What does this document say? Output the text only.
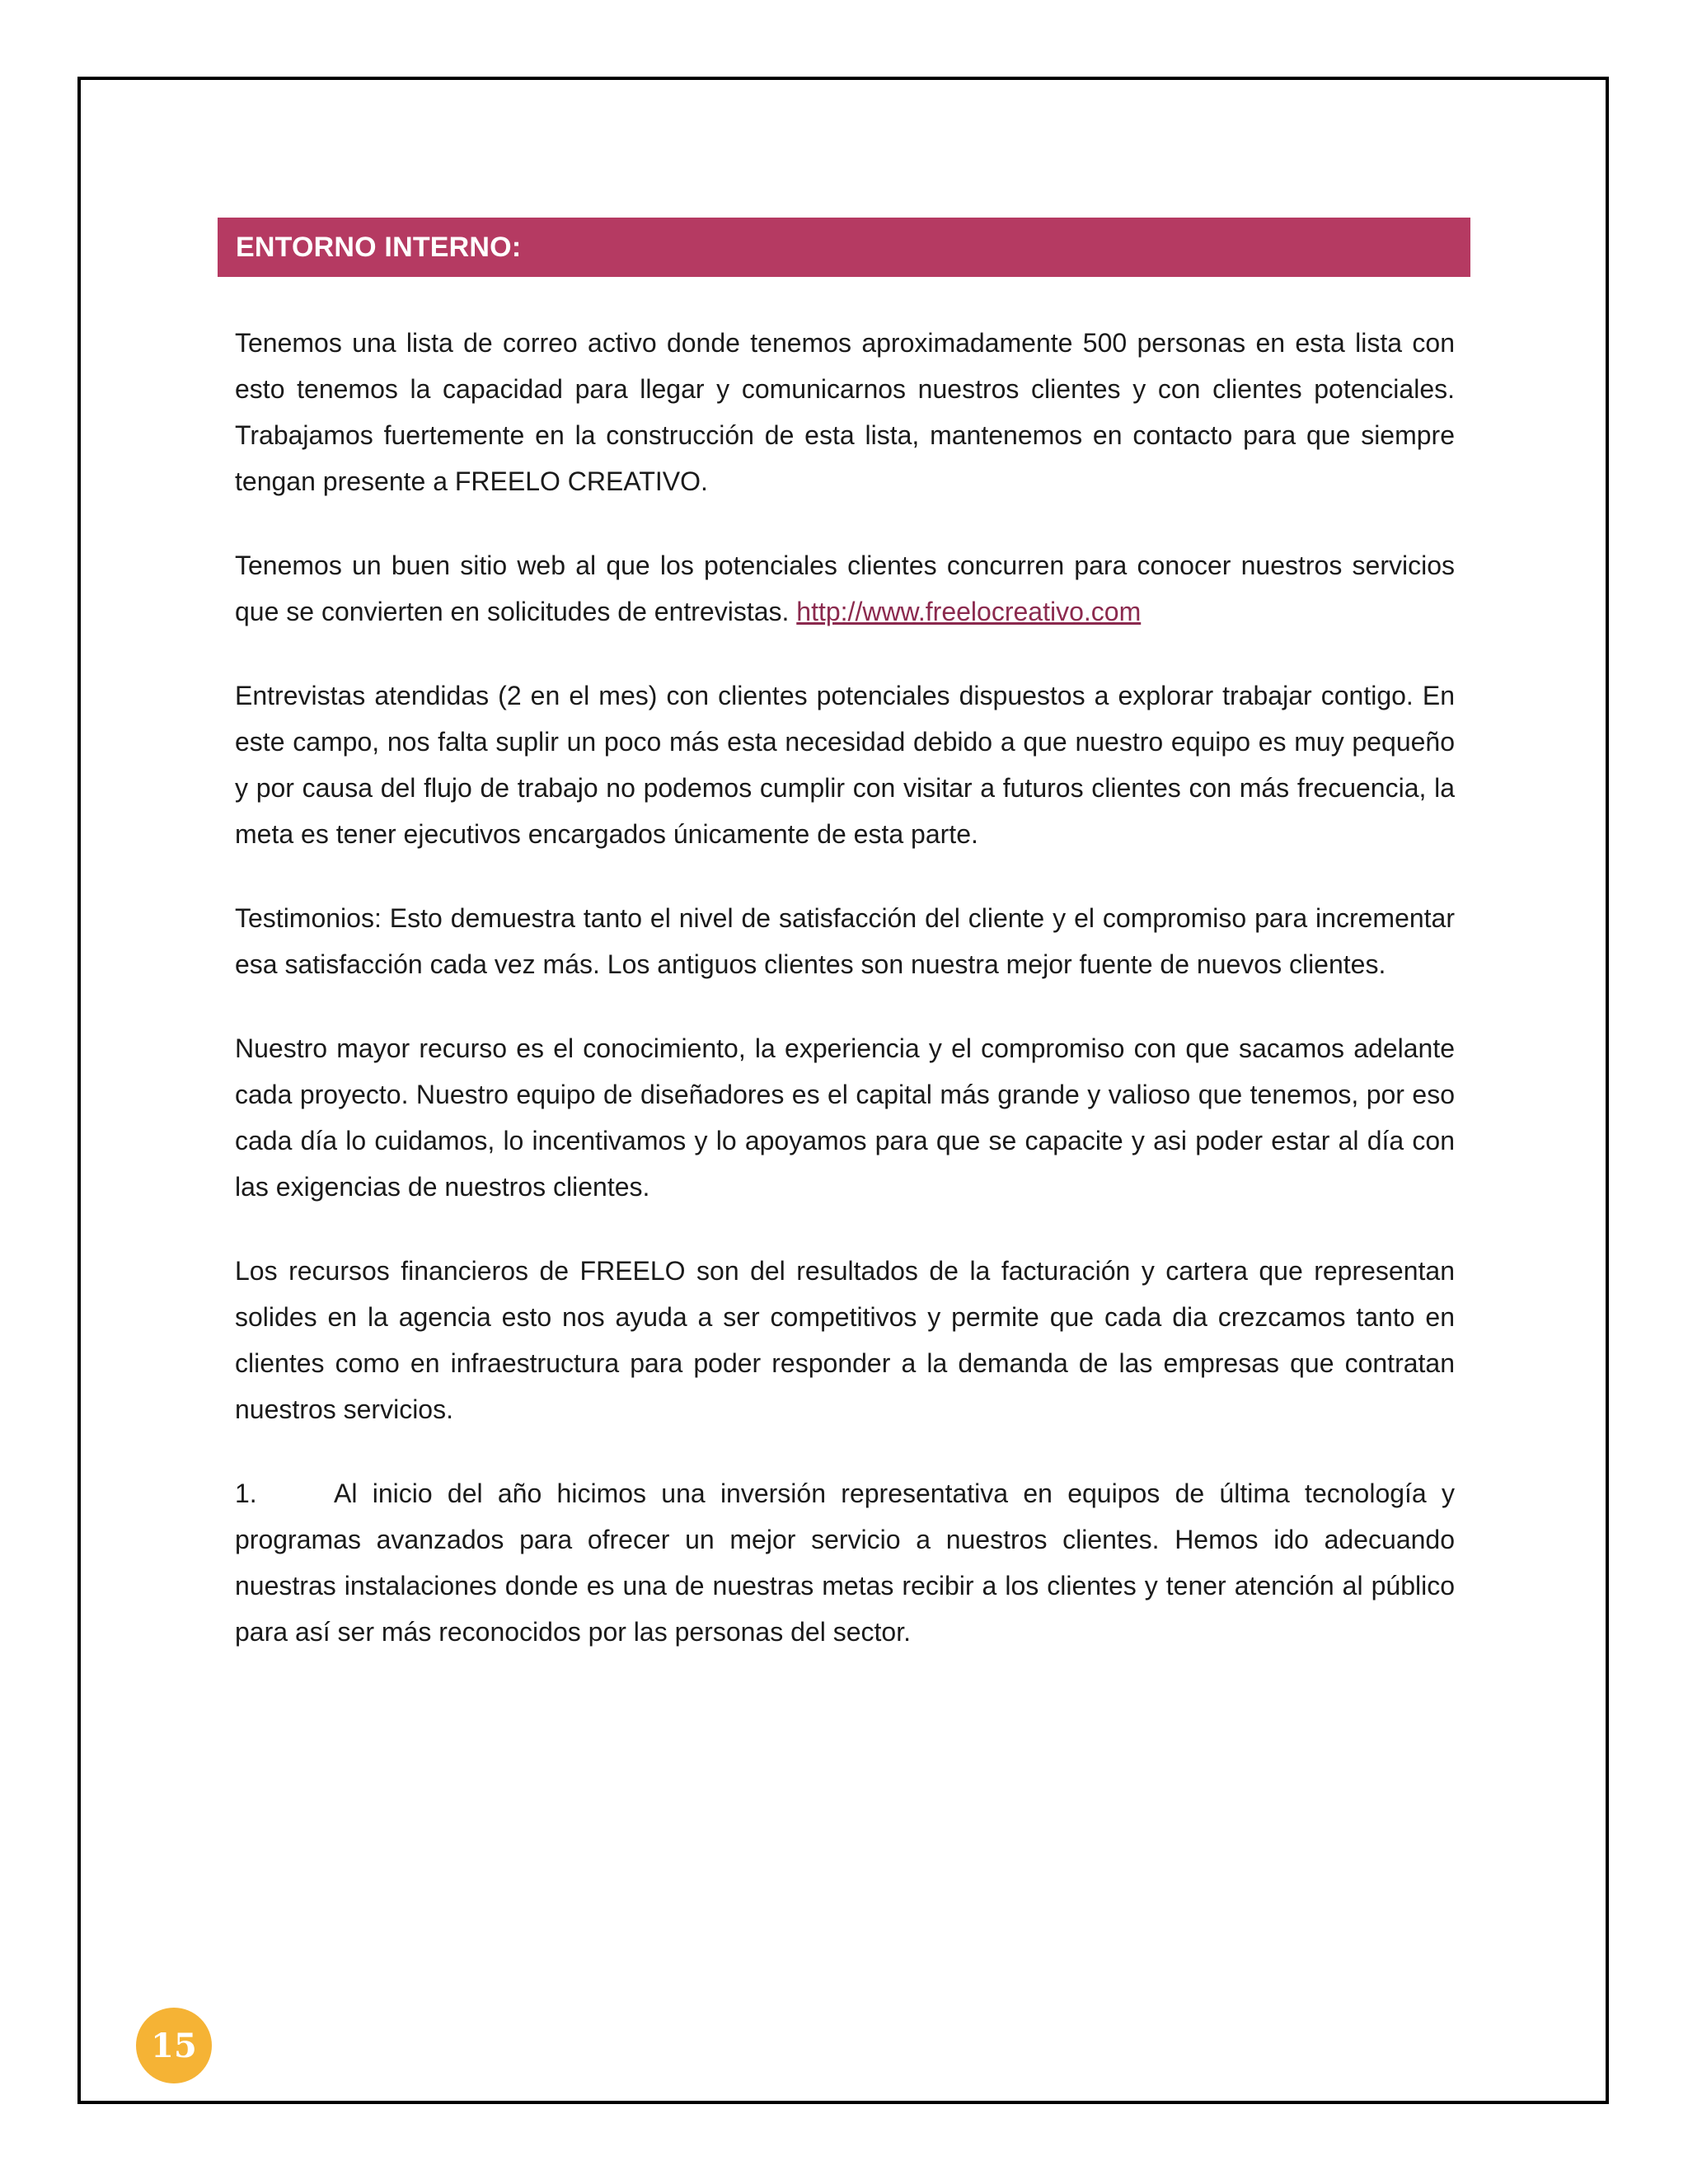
ENTORNO INTERNO:

Tenemos una lista de correo activo donde tenemos aproximadamente 500 personas en esta lista con esto tenemos la capacidad para llegar y comunicarnos nuestros clientes y con clientes potenciales. Trabajamos fuertemente en la construcción de esta lista, mantenemos en contacto para que siempre tengan presente a FREELO CREATIVO.

Tenemos un buen sitio web al que los potenciales clientes concurren para conocer nuestros servicios que se convierten en solicitudes de entrevistas. http://www.freelocreativo.com

Entrevistas atendidas (2 en el mes) con clientes potenciales dispuestos a explorar trabajar contigo. En este campo, nos falta suplir un poco más esta necesidad debido a que nuestro equipo es muy pequeño y por causa del flujo de trabajo no podemos cumplir con visitar a futuros clientes con más frecuencia, la meta es tener ejecutivos encargados únicamente de esta parte.

Testimonios: Esto demuestra tanto el nivel de satisfacción del cliente y el compromiso para incrementar esa satisfacción cada vez más. Los antiguos clientes son nuestra mejor fuente de nuevos clientes.

Nuestro mayor recurso es el conocimiento, la experiencia y el compromiso con que sacamos adelante cada proyecto. Nuestro equipo de diseñadores es el capital más grande y valioso que tenemos, por eso cada día lo cuidamos, lo incentivamos y lo apoyamos para que se capacite y asi poder estar al día con las exigencias de nuestros clientes.

Los recursos financieros de FREELO son del resultados de la facturación y cartera que representan solides en la agencia esto nos ayuda a ser competitivos y permite que cada dia crezcamos tanto en clientes como en infraestructura para poder responder a la demanda de las empresas que contratan nuestros servicios.

1.	Al inicio del año hicimos una inversión representativa en equipos de última tecnología y programas avanzados para ofrecer un mejor servicio a nuestros clientes. Hemos ido adecuando nuestras instalaciones donde es una de nuestras metas recibir a los clientes y tener atención al público para así ser más reconocidos por las personas del sector.

15
